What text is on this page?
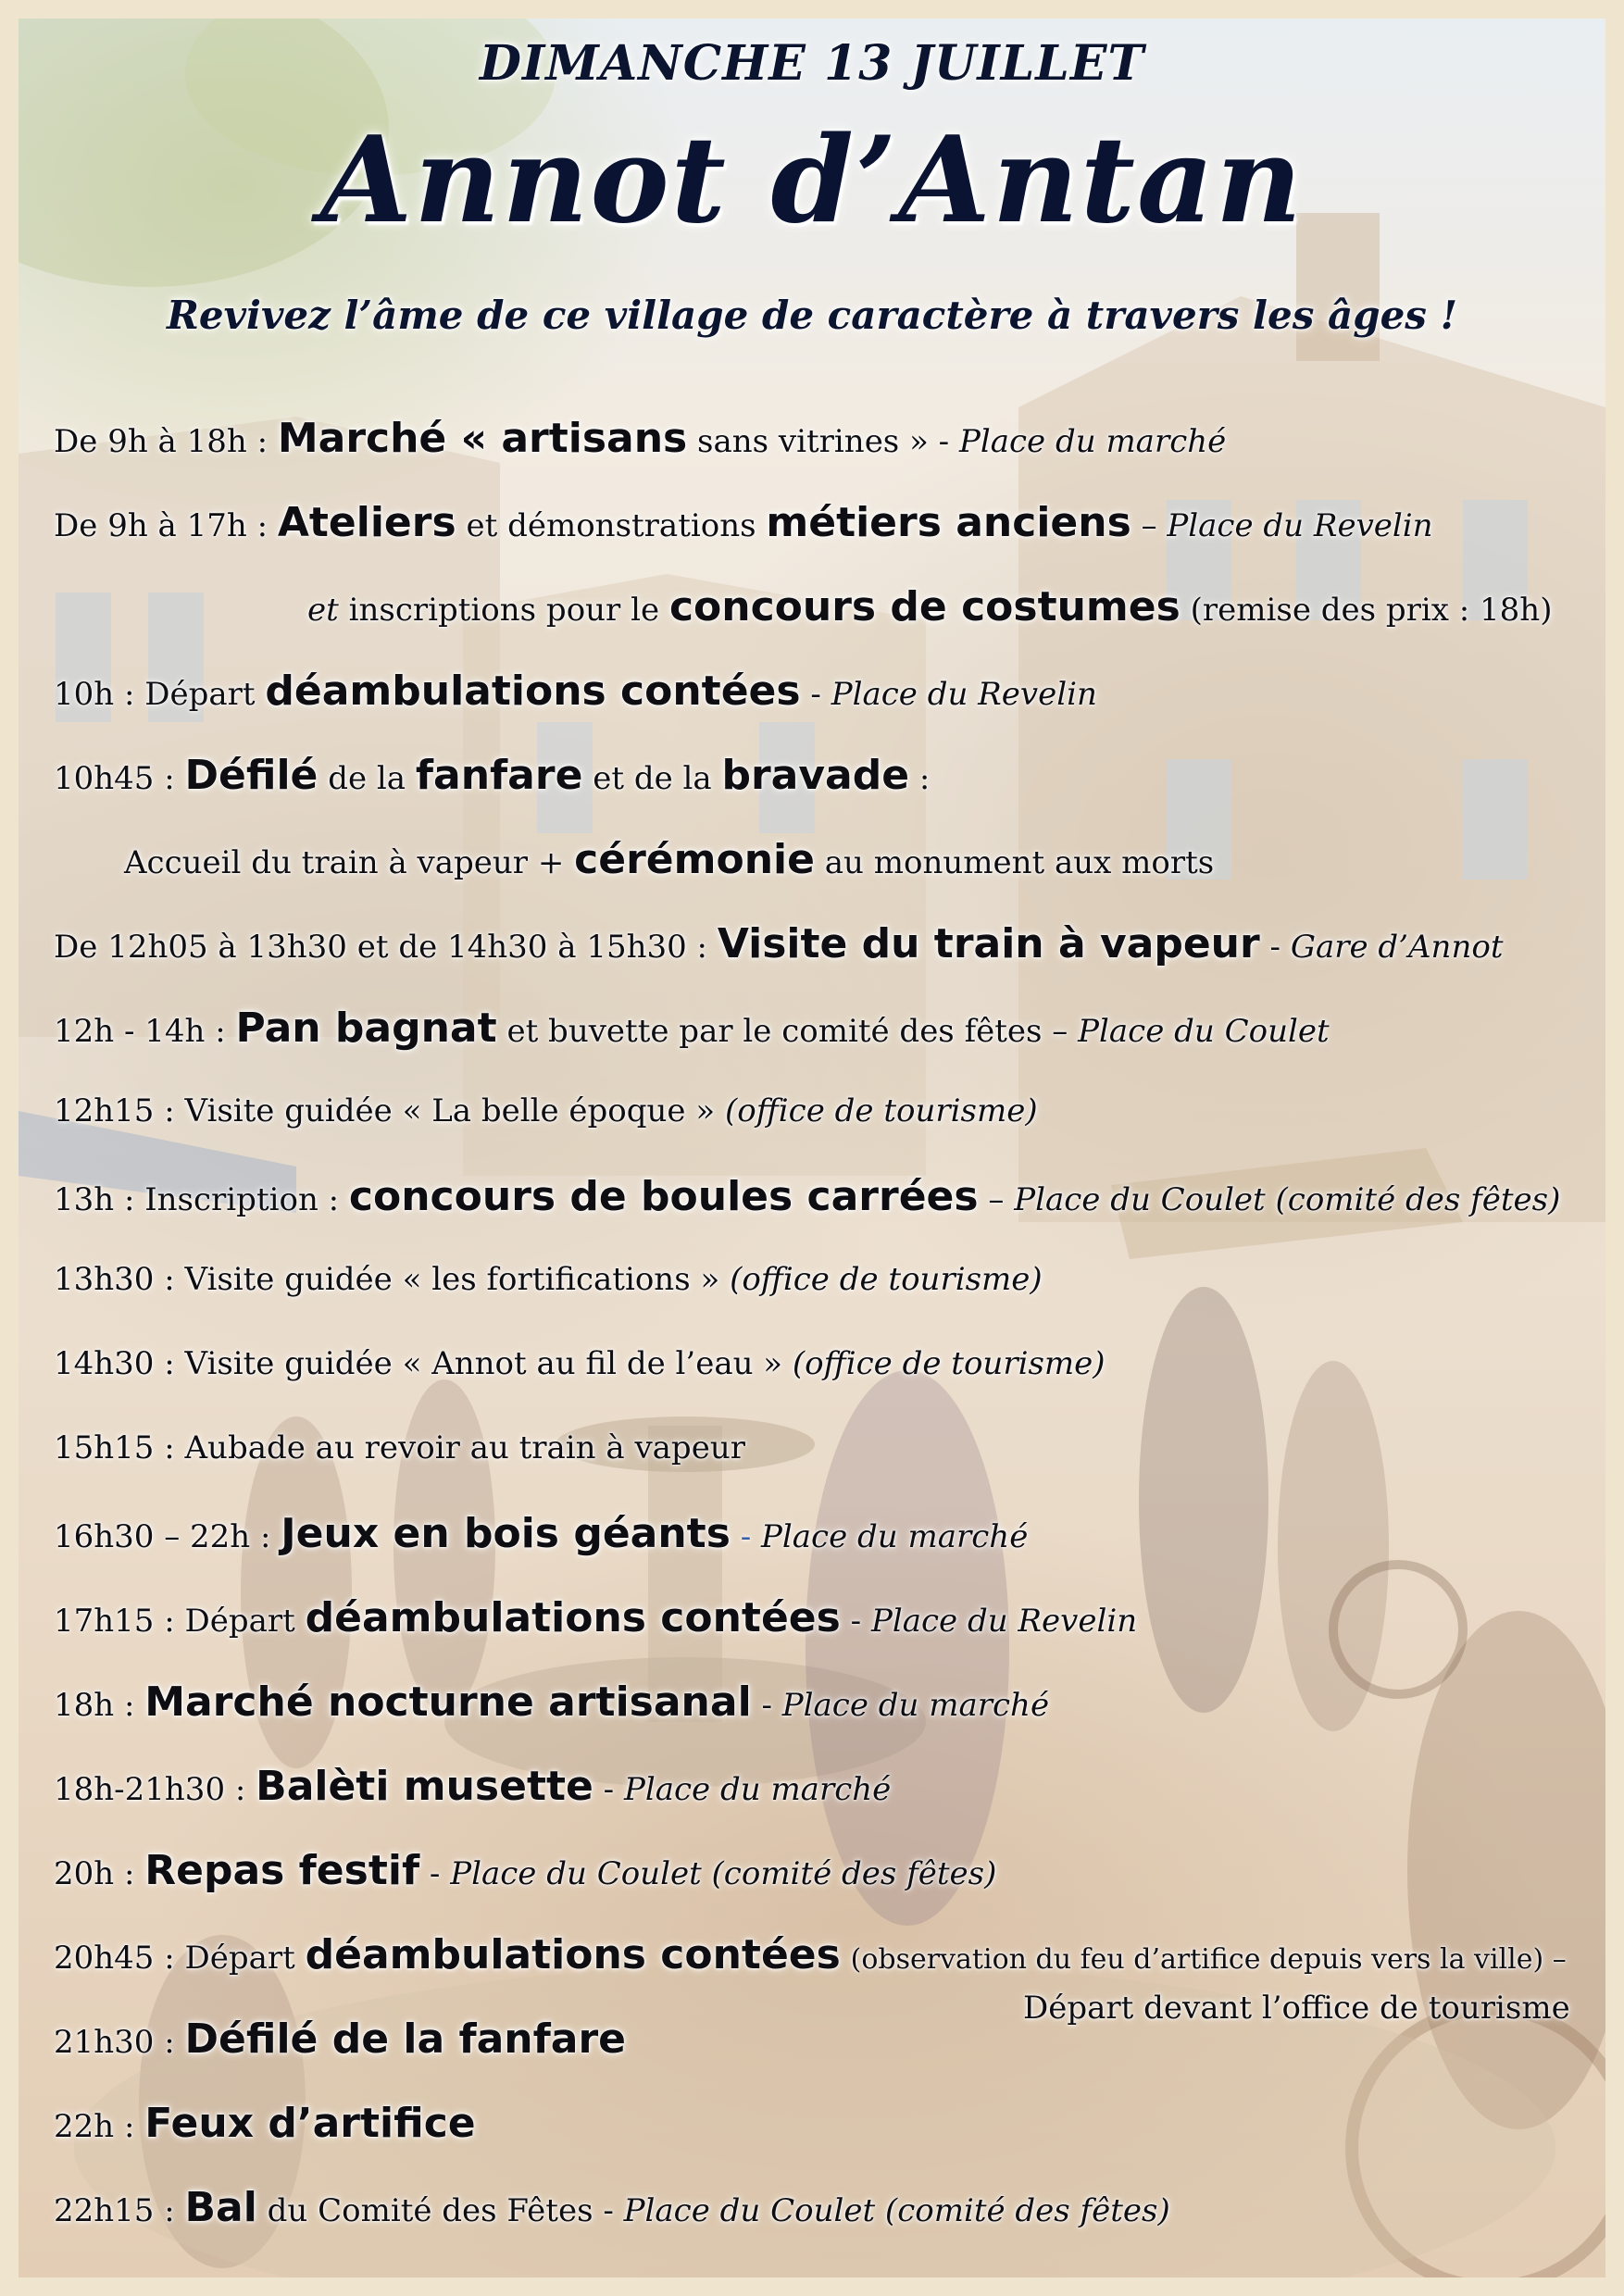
DIMANCHE 13 JUILLET
Annot d’Antan
Revivez l’âme de ce village de caractère à travers les âges !
De 9h à 18h : Marché « artisans sans vitrines » - Place du marché
De 9h à 17h : Ateliers et démonstrations métiers anciens – Place du Revelin
et inscriptions pour le concours de costumes (remise des prix : 18h)
10h : Départ déambulations contées - Place du Revelin
10h45 : Défilé de la fanfare et de la bravade :
Accueil du train à vapeur + cérémonie au monument aux morts
De 12h05 à 13h30 et de 14h30 à 15h30 : Visite du train à vapeur - Gare d’Annot
12h - 14h : Pan bagnat et buvette par le comité des fêtes – Place du Coulet
12h15 : Visite guidée « La belle époque » (office de tourisme)
13h : Inscription : concours de boules carrées – Place du Coulet (comité des fêtes)
13h30 : Visite guidée « les fortifications » (office de tourisme)
14h30 : Visite guidée « Annot au fil de l’eau » (office de tourisme)
15h15 : Aubade au revoir au train à vapeur
16h30 – 22h : Jeux en bois géants - Place du marché
17h15 : Départ déambulations contées - Place du Revelin
18h : Marché nocturne artisanal - Place du marché
18h-21h30 : Balèti musette - Place du marché
20h : Repas festif - Place du Coulet (comité des fêtes)
20h45 : Départ déambulations contées (observation du feu d’artifice depuis vers la ville) –
Départ devant l’office de tourisme
21h30 : Défilé de la fanfare
22h : Feux d’artifice
22h15 : Bal du Comité des Fêtes - Place du Coulet (comité des fêtes)
